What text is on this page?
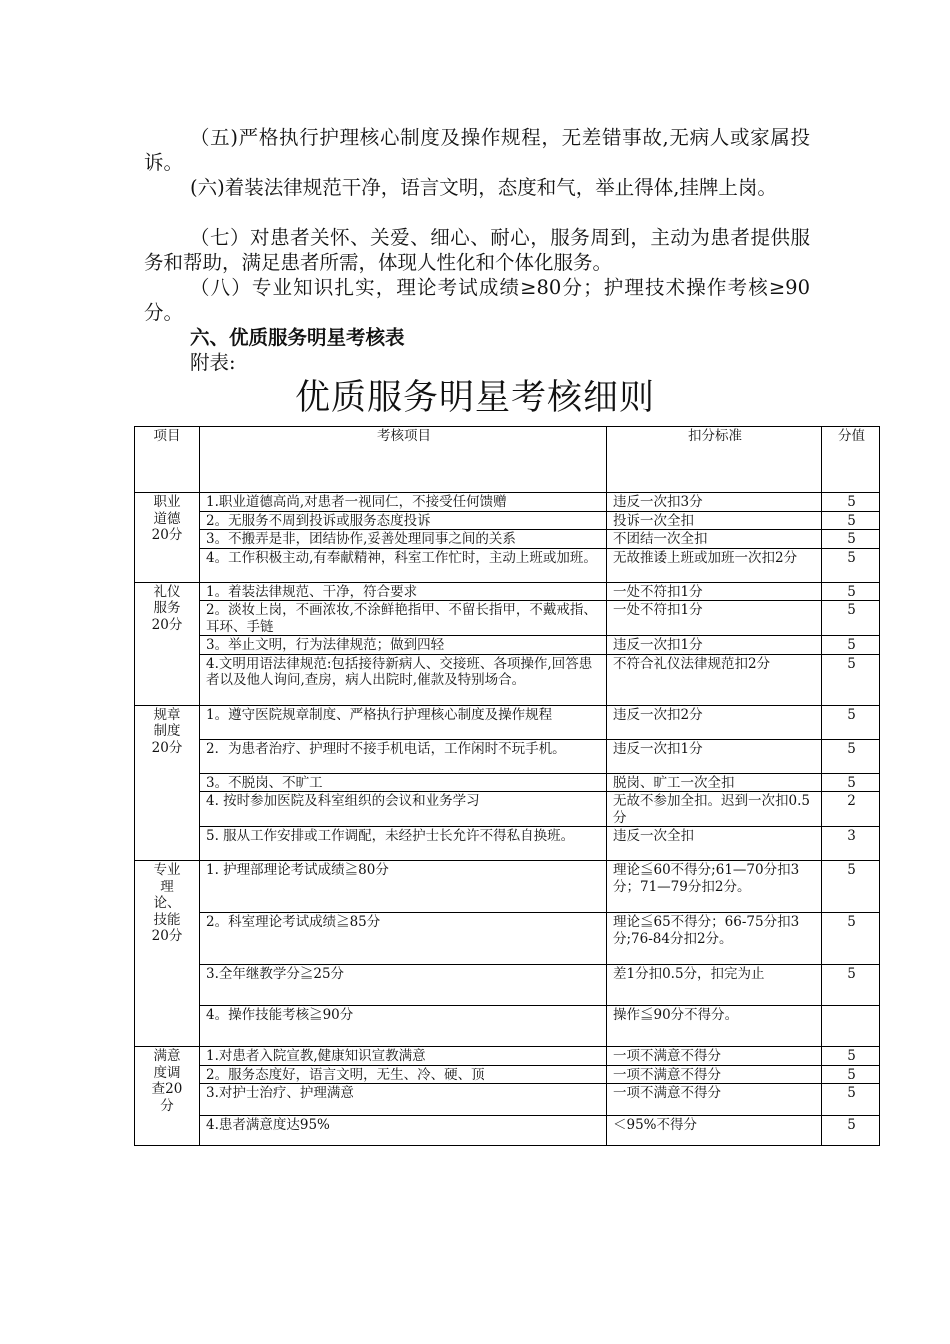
（五)严格执行护理核心制度及操作规程，无差错事故,无病人或家属投诉。

(六)着装法律规范干净，语言文明，态度和气，举止得体,挂牌上岗。

（七）对患者关怀、关爱、细心、耐心，服务周到，主动为患者提供服务和帮助，满足患者所需，体现人性化和个体化服务。

（八）专业知识扎实，理论考试成绩≥80分；护理技术操作考核≥90分。

六、优质服务明星考核表
附表:
优质服务明星考核细则
项目	考核项目	扣分标准	分值
职业
道德
20分	1.职业道德高尚,对患者一视同仁，不接受任何馈赠	违反一次扣3分	5
	2。无服务不周到投诉或服务态度投诉	投诉一次全扣	5
	3。不搬弄是非，团结协作,妥善处理同事之间的关系	不团结一次全扣	5
	4。工作积极主动,有奉献精神，科室工作忙时，主动上班或加班。	无故推诿上班或加班一次扣2分	5
礼仪
服务
20分	1。着装法律规范、干净，符合要求	一处不符扣1分	5
	2。淡妆上岗，不画浓妆,不涂鲜艳指甲、不留长指甲，不戴戒指、耳环、手链	一处不符扣1分	5
	3。举止文明，行为法律规范；做到四轻	违反一次扣1分	5
	4.文明用语法律规范:包括接待新病人、交接班、各项操作,回答患者以及他人询问,查房，病人出院时,催款及特别场合。	不符合礼仪法律规范扣2分	5
规章
制度
20分	1。遵守医院规章制度、严格执行护理核心制度及操作规程	违反一次扣2分	5
	2．为患者治疗、护理时不接手机电话，工作闲时不玩手机。	违反一次扣1分	5
	3。不脱岗、不旷工	脱岗、旷工一次全扣	5
	4. 按时参加医院及科室组织的会议和业务学习	无故不参加全扣。迟到一次扣0.5分	2
	5. 服从工作安排或工作调配，未经护士长允许不得私自换班。	违反一次全扣	3
专业
理
论、
技能
20分	1. 护理部理论考试成绩≧80分	理论≦60不得分;61—70分扣3分；71—79分扣2分。	5
	2。科室理论考试成绩≧85分	理论≦65不得分；66-75分扣3分;76-84分扣2分。	5
	3.全年继教学分≧25分	差1分扣0.5分，扣完为止	5
	4。操作技能考核≧90分	操作≦90分不得分。	
满意
度调
查20
分	1.对患者入院宣教,健康知识宣教满意	一项不满意不得分	5
	2。服务态度好，语言文明，无生、冷、硬、顶	一项不满意不得分	5
	3.对护士治疗、护理满意	一项不满意不得分	5
	4.患者满意度达95%	＜95%不得分	5
